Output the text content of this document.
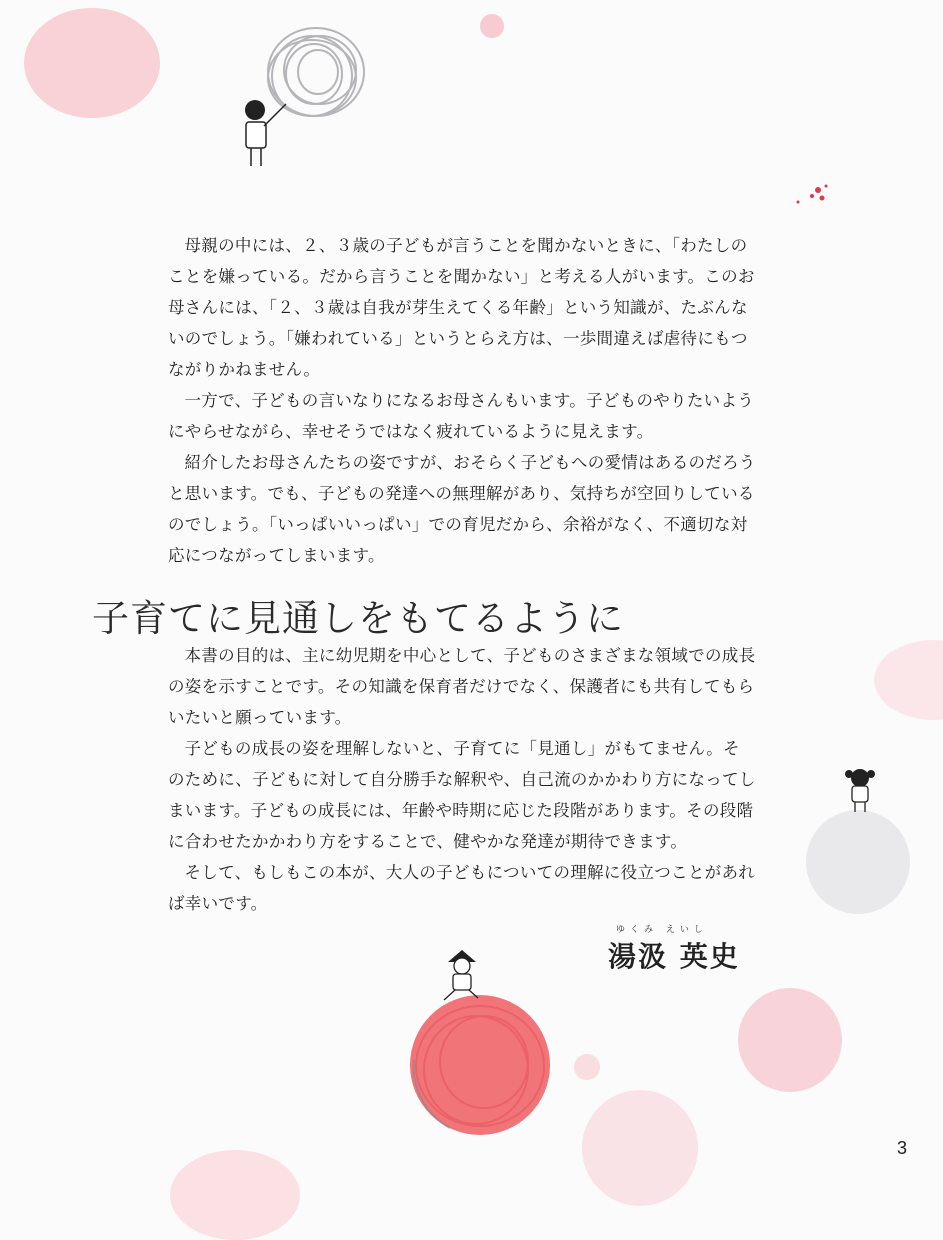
母親の中には、２、３歳の子どもが言うことを聞かないときに、「わたしのことを嫌っている。だから言うことを聞かない」と考える人がいます。このお母さんには、「２、３歳は自我が芽生えてくる年齢」という知識が、たぶんないのでしょう。「嫌われている」というとらえ方は、一歩間違えば虐待にもつながりかねません。

一方で、子どもの言いなりになるお母さんもいます。子どものやりたいようにやらせながら、幸せそうではなく疲れているように見えます。

紹介したお母さんたちの姿ですが、おそらく子どもへの愛情はあるのだろうと思います。でも、子どもの発達への無理解があり、気持ちが空回りしているのでしょう。「いっぱいいっぱい」での育児だから、余裕がなく、不適切な対応につながってしまいます。

子育てに見通しをもてるように

本書の目的は、主に幼児期を中心として、子どものさまざまな領域での成長の姿を示すことです。その知識を保育者だけでなく、保護者にも共有してもらいたいと願っています。

子どもの成長の姿を理解しないと、子育てに「見通し」がもてません。そのために、子どもに対して自分勝手な解釈や、自己流のかかわり方になってしまいます。子どもの成長には、年齢や時期に応じた段階があります。その段階に合わせたかかわり方をすることで、健やかな発達が期待できます。

そして、もしもこの本が、大人の子どもについての理解に役立つことがあれば幸いです。

ゆくみ えいし
湯汲 英史
3
